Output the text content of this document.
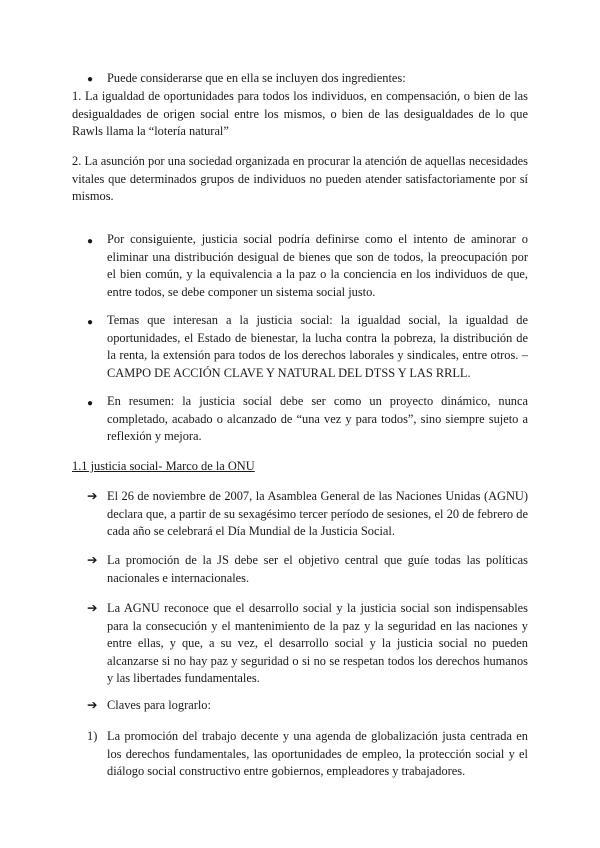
● Puede considerarse que en ella se incluyen dos ingredientes:
1. La igualdad de oportunidades para todos los individuos, en compensación, o bien de las desigualdades de origen social entre los mismos, o bien de las desigualdades de lo que Rawls llama la “lotería natural”
2. La asunción por una sociedad organizada en procurar la atención de aquellas necesidades vitales que determinados grupos de individuos no pueden atender satisfactoriamente por sí mismos.
● Por consiguiente, justicia social podría definirse como el intento de aminorar o eliminar una distribución desigual de bienes que son de todos, la preocupación por el bien común, y la equivalencia a la paz o la conciencia en los individuos de que, entre todos, se debe componer un sistema social justo.
● Temas que interesan a la justicia social: la igualdad social, la igualdad de oportunidades, el Estado de bienestar, la lucha contra la pobreza, la distribución de la renta, la extensión para todos de los derechos laborales y sindicales, entre otros. –CAMPO DE ACCIÓN CLAVE Y NATURAL DEL DTSS Y LAS RRLL.
● En resumen: la justicia social debe ser como un proyecto dinámico, nunca completado, acabado o alcanzado de “una vez y para todos”, sino siempre sujeto a reflexión y mejora.
1.1 justicia social- Marco de la ONU
➔ El 26 de noviembre de 2007, la Asamblea General de las Naciones Unidas (AGNU) declara que, a partir de su sexagésimo tercer período de sesiones, el 20 de febrero de cada año se celebrará el Día Mundial de la Justicia Social.
➔ La promoción de la JS debe ser el objetivo central que guíe todas las políticas nacionales e internacionales.
➔ La AGNU reconoce que el desarrollo social y la justicia social son indispensables para la consecución y el mantenimiento de la paz y la seguridad en las naciones y entre ellas, y que, a su vez, el desarrollo social y la justicia social no pueden alcanzarse si no hay paz y seguridad o si no se respetan todos los derechos humanos y las libertades fundamentales.
➔ Claves para lograrlo:
1) La promoción del trabajo decente y una agenda de globalización justa centrada en los derechos fundamentales, las oportunidades de empleo, la protección social y el diálogo social constructivo entre gobiernos, empleadores y trabajadores.
